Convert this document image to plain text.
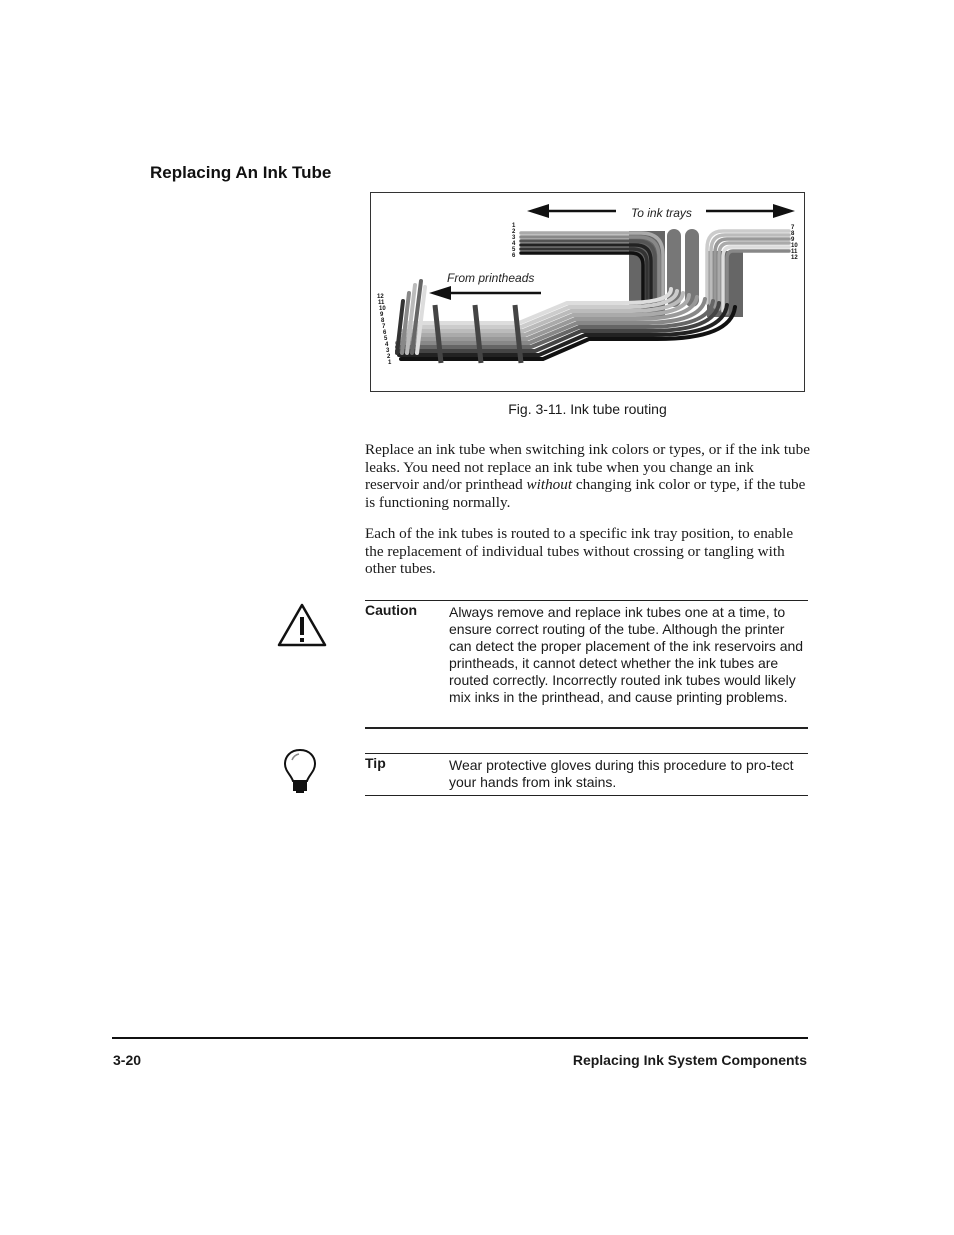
Replacing An Ink Tube
To ink trays
From printheads
1
2
3
4
5
6
7
8
9
10
11
12
12
11
10
9
8
7
6
5
4
3
2
1
Fig. 3-11. Ink tube routing

Replace an ink tube when switching ink colors or types, or if the ink tube leaks. You need not replace an ink tube when you change an ink reservoir and/or printhead without changing ink color or type, if the tube is functioning normally.

Each of the ink tubes is routed to a specific ink tray position, to enable the replacement of individual tubes without crossing or tangling with other tubes.

Caution Always remove and replace ink tubes one at a time, to ensure correct routing of the tube. Although the printer can detect the proper placement of the ink reservoirs and printheads, it cannot detect whether the ink tubes are routed correctly. Incorrectly routed ink tubes would likely mix inks in the printhead, and cause printing problems.

Tip	Wear protective gloves during this procedure to pro-tect your hands from ink stains.

3-20	Replacing Ink System Components
